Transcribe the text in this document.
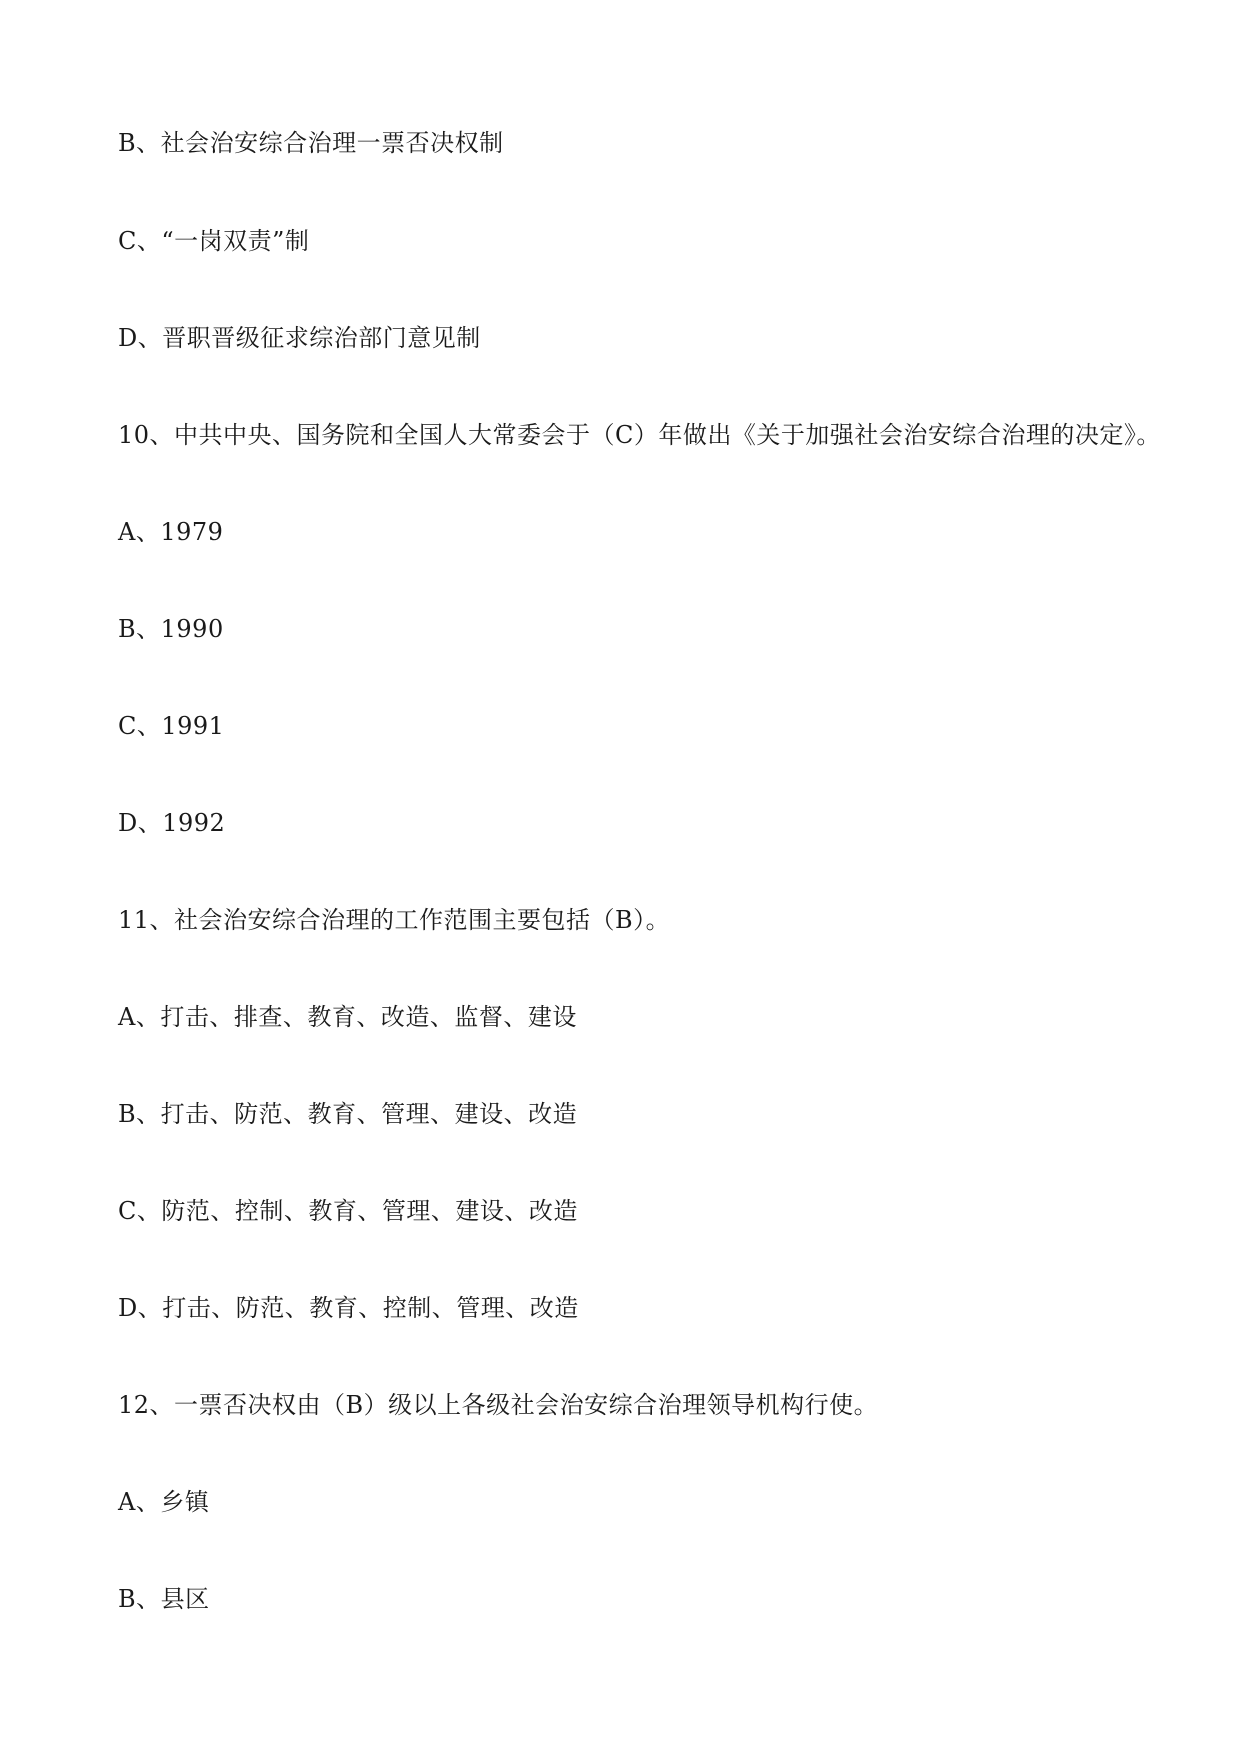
B、社会治安综合治理一票否决权制

C、“一岗双责”制

D、晋职晋级征求综治部门意见制

10、中共中央、国务院和全国人大常委会于（C）年做出《关于加强社会治安综合治理的决定》。

A、1979

B、1990

C、1991

D、1992

11、社会治安综合治理的工作范围主要包括（B）。

A、打击、排查、教育、改造、监督、建设

B、打击、防范、教育、管理、建设、改造

C、防范、控制、教育、管理、建设、改造

D、打击、防范、教育、控制、管理、改造

12、一票否决权由（B）级以上各级社会治安综合治理领导机构行使。

A、乡镇

B、县区
